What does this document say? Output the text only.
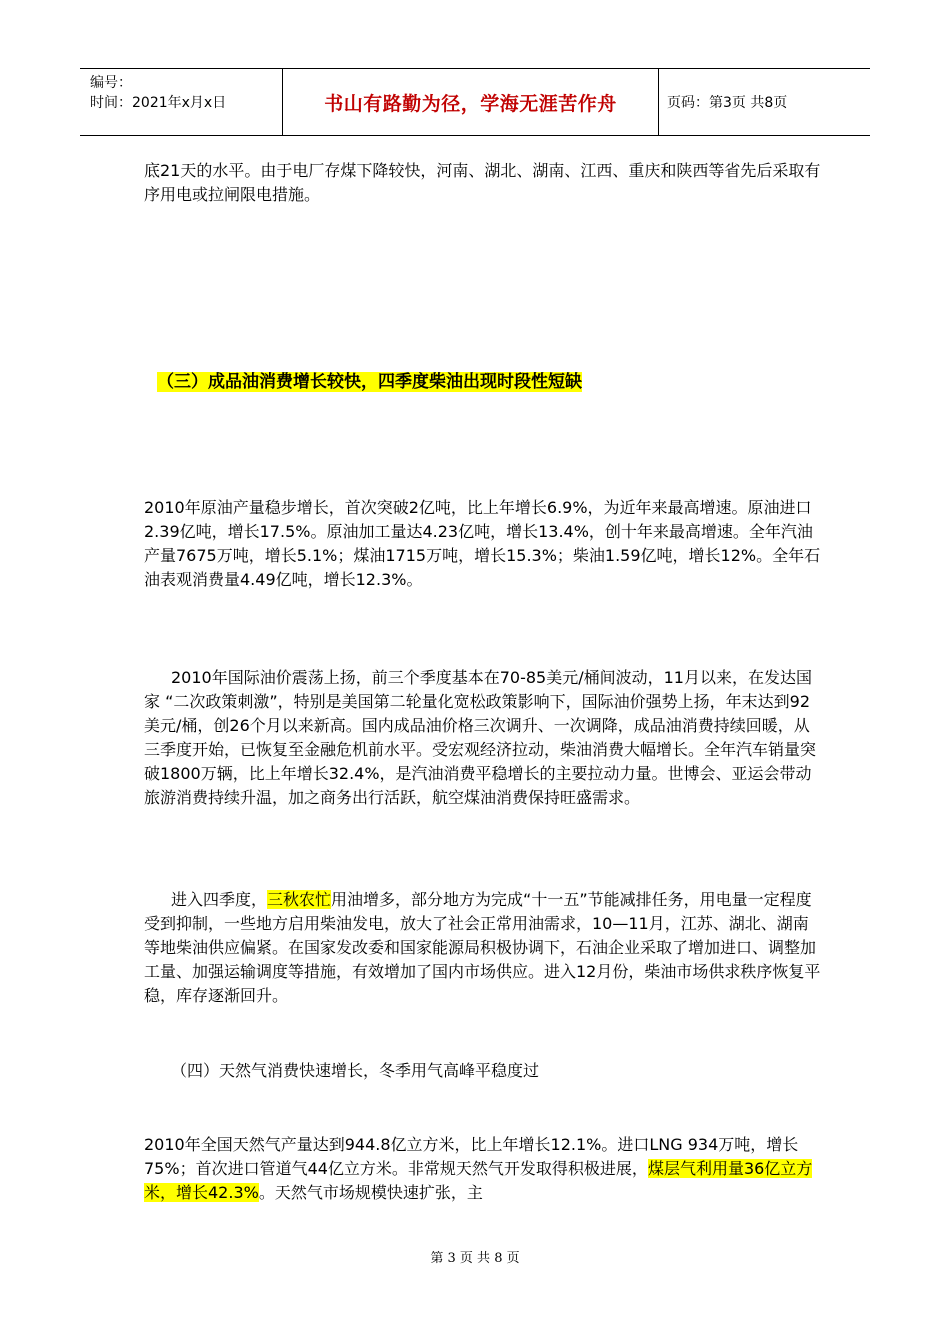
编号：
时间：2021年x月x日	书山有路勤为径，学海无涯苦作舟	页码：第3页 共8页

底21天的水平。由于电厂存煤下降较快，河南、湖北、湖南、江西、重庆和陕西等省先后采取有序用电或拉闸限电措施。

（三）成品油消费增长较快，四季度柴油出现时段性短缺

2010年原油产量稳步增长，首次突破2亿吨，比上年增长6.9%，为近年来最高增速。原油进口2.39亿吨，增长17.5%。原油加工量达4.23亿吨，增长13.4%，创十年来最高增速。全年汽油产量7675万吨，增长5.1%；煤油1715万吨，增长15.3%；柴油1.59亿吨，增长12%。全年石油表观消费量4.49亿吨，增长12.3%。

2010年国际油价震荡上扬，前三个季度基本在70-85美元/桶间波动，11月以来，在发达国家 “二次政策刺激”，特别是美国第二轮量化宽松政策影响下，国际油价强势上扬，年末达到92美元/桶，创26个月以来新高。国内成品油价格三次调升、一次调降，成品油消费持续回暖，从三季度开始，已恢复至金融危机前水平。受宏观经济拉动，柴油消费大幅增长。全年汽车销量突破1800万辆，比上年增长32.4%，是汽油消费平稳增长的主要拉动力量。世博会、亚运会带动旅游消费持续升温，加之商务出行活跃，航空煤油消费保持旺盛需求。

进入四季度，三秋农忙用油增多，部分地方为完成“十一五”节能减排任务，用电量一定程度受到抑制，一些地方启用柴油发电，放大了社会正常用油需求，10—11月，江苏、湖北、湖南等地柴油供应偏紧。在国家发改委和国家能源局积极协调下，石油企业采取了增加进口、调整加工量、加强运输调度等措施，有效增加了国内市场供应。进入12月份，柴油市场供求秩序恢复平稳，库存逐渐回升。

（四）天然气消费快速增长，冬季用气高峰平稳度过

2010年全国天然气产量达到944.8亿立方米，比上年增长12.1%。进口LNG 934万吨，增长75%；首次进口管道气44亿立方米。非常规天然气开发取得积极进展，煤层气利用量36亿立方米，增长42.3%。天然气市场规模快速扩张，主

第 3 页 共 8 页
